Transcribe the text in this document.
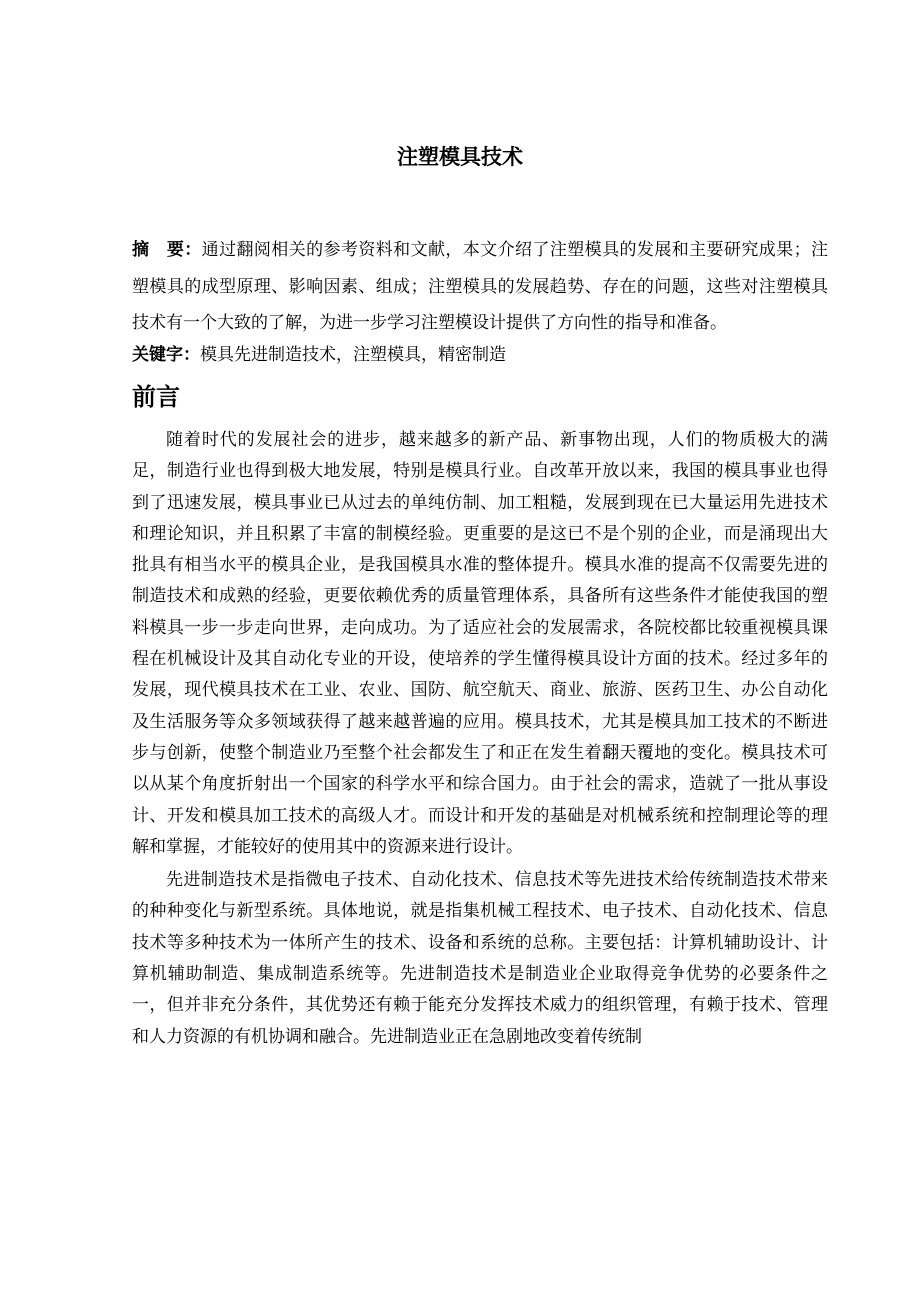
注塑模具技术

摘　要：通过翻阅相关的参考资料和文献，本文介绍了注塑模具的发展和主要研究成果；注塑模具的成型原理、影响因素、组成；注塑模具的发展趋势、存在的问题，这些对注塑模具技术有一个大致的了解，为进一步学习注塑模设计提供了方向性的指导和准备。

关键字：模具先进制造技术，注塑模具，精密制造

前言

随着时代的发展社会的进步，越来越多的新产品、新事物出现，人们的物质极大的满足，制造行业也得到极大地发展，特别是模具行业。自改革开放以来，我国的模具事业也得到了迅速发展，模具事业已从过去的单纯仿制、加工粗糙，发展到现在已大量运用先进技术和理论知识，并且积累了丰富的制模经验。更重要的是这已不是个别的企业，而是涌现出大批具有相当水平的模具企业，是我国模具水准的整体提升。模具水准的提高不仅需要先进的制造技术和成熟的经验，更要依赖优秀的质量管理体系，具备所有这些条件才能使我国的塑料模具一步一步走向世界，走向成功。为了适应社会的发展需求，各院校都比较重视模具课程在机械设计及其自动化专业的开设，使培养的学生懂得模具设计方面的技术。经过多年的发展，现代模具技术在工业、农业、国防、航空航天、商业、旅游、医药卫生、办公自动化及生活服务等众多领域获得了越来越普遍的应用。模具技术，尤其是模具加工技术的不断进步与创新，使整个制造业乃至整个社会都发生了和正在发生着翻天覆地的变化。模具技术可以从某个角度折射出一个国家的科学水平和综合国力。由于社会的需求，造就了一批从事设计、开发和模具加工技术的高级人才。而设计和开发的基础是对机械系统和控制理论等的理解和掌握，才能较好的使用其中的资源来进行设计。

先进制造技术是指微电子技术、自动化技术、信息技术等先进技术给传统制造技术带来的种种变化与新型系统。具体地说，就是指集机械工程技术、电子技术、自动化技术、信息技术等多种技术为一体所产生的技术、设备和系统的总称。主要包括：计算机辅助设计、计算机辅助制造、集成制造系统等。先进制造技术是制造业企业取得竞争优势的必要条件之一，但并非充分条件，其优势还有赖于能充分发挥技术威力的组织管理，有赖于技术、管理和人力资源的有机协调和融合。先进制造业正在急剧地改变着传统制
